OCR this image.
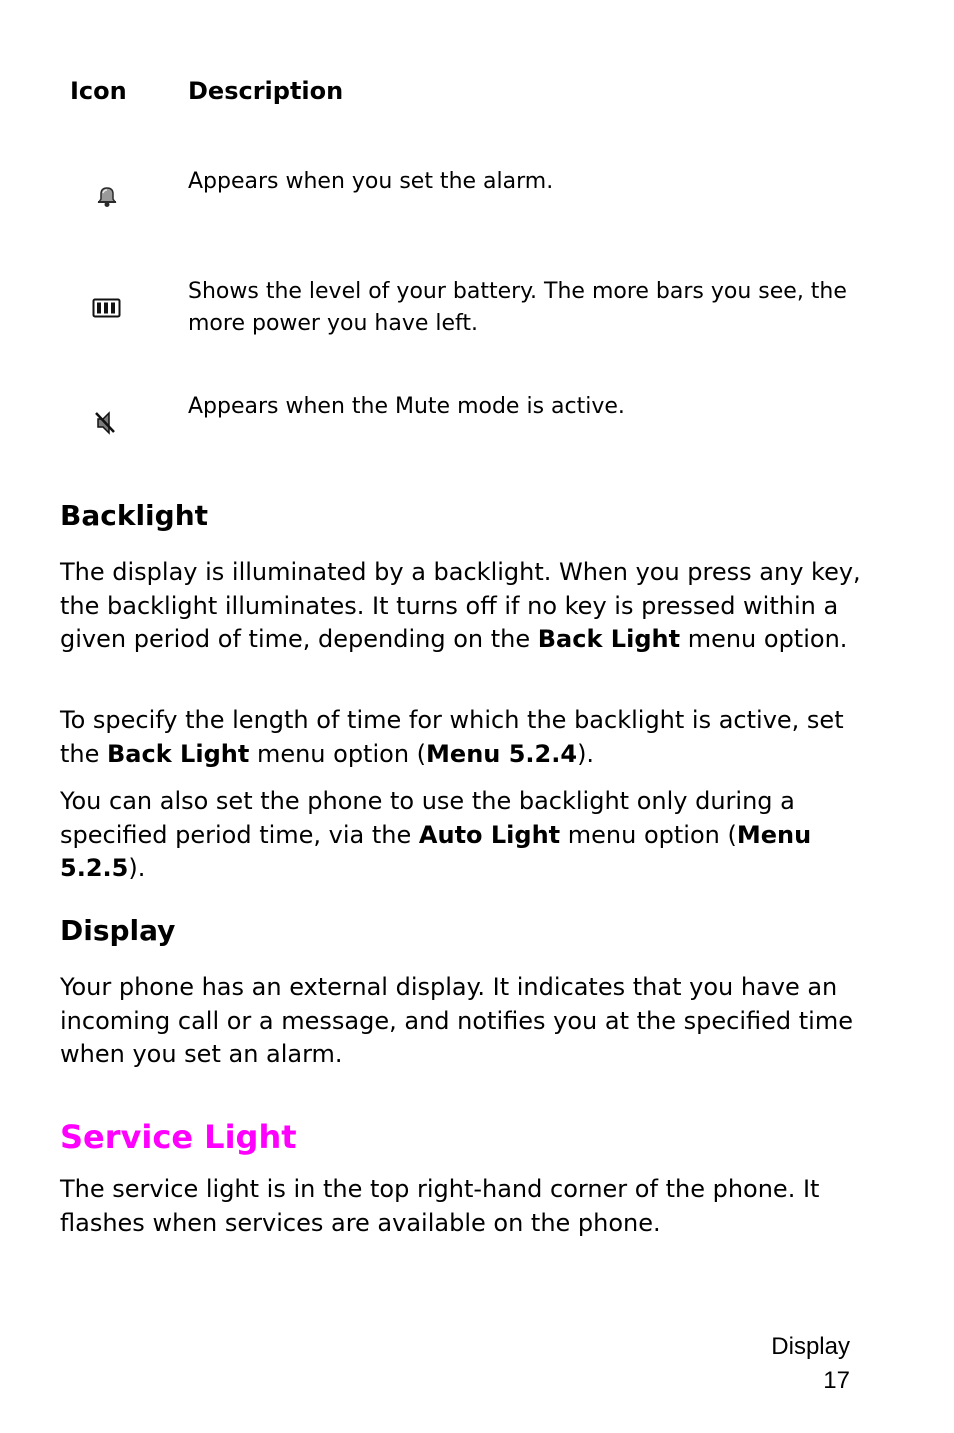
Icon	Description
Appears when you set the alarm.
Shows the level of your battery. The more bars you see, the more power you have left.
Appears when the Mute mode is active.
Backlight

The display is illuminated by a backlight. When you press any key, the backlight illuminates. It turns off if no key is pressed within a given period of time, depending on the Back Light menu option.

To specify the length of time for which the backlight is active, set the Back Light menu option (Menu 5.2.4).

You can also set the phone to use the backlight only during a specified period time, via the Auto Light menu option (Menu 5.2.5).

Display

Your phone has an external display. It indicates that you have an incoming call or a message, and notifies you at the specified time when you set an alarm.

Service Light

The service light is in the top right-hand corner of the phone. It flashes when services are available on the phone.

Display
17
